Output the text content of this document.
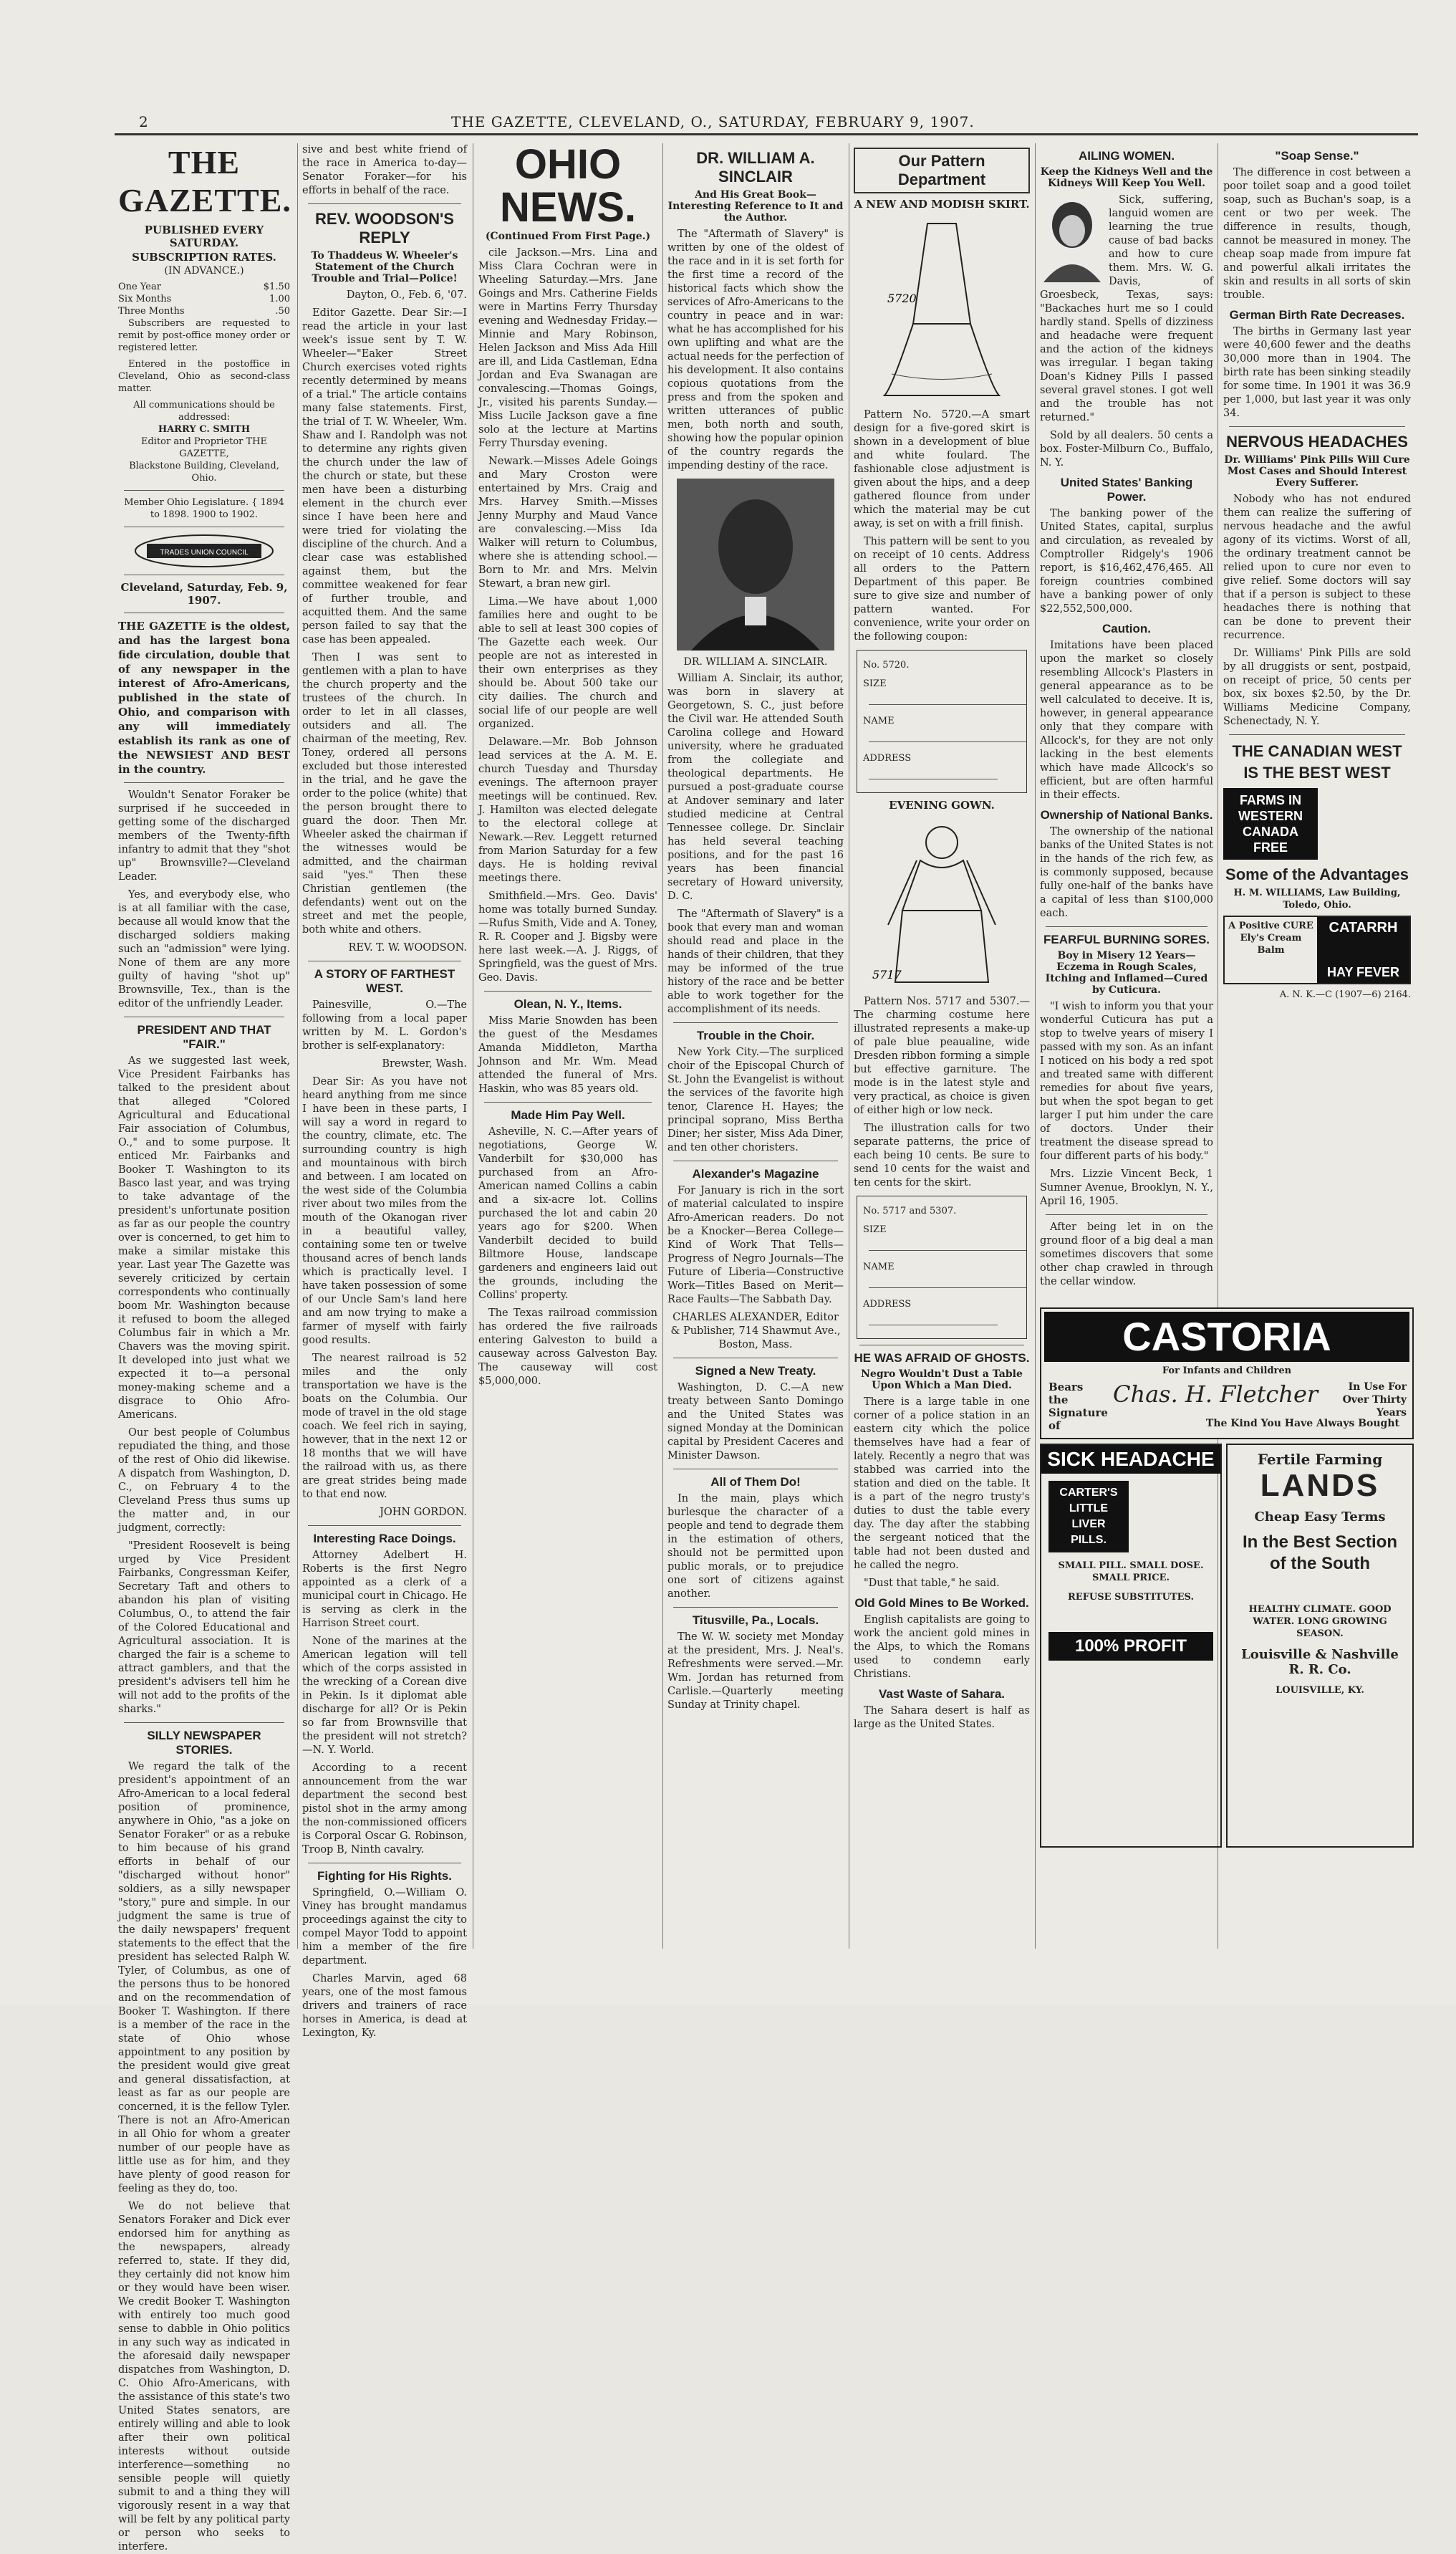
2	THE GAZETTE, CLEVELAND, O., SATURDAY, FEBRUARY 9, 1907.
THE GAZETTE.
PUBLISHED EVERY SATURDAY.
SUBSCRIPTION RATES.
(IN ADVANCE.)
One Year	$1.50
Six Months	1.00
Three Months	.50

Subscribers are requested to remit by post-office money order or registered letter.

Entered in the postoffice in Cleveland, Ohio as second-class matter.

All communications should be addressed:
HARRY C. SMITH
Editor and Proprietor THE GAZETTE,
Blackstone Building, Cleveland, Ohio.
Member Ohio Legislature. { 1894 to 1898. 1900 to 1902.
TRADES UNION COUNCIL
Cleveland, Saturday, Feb. 9, 1907.

THE GAZETTE is the oldest, and has the largest bona fide circulation, double that of any newspaper in the interest of Afro-Americans, published in the state of Ohio, and comparison with any will immediately establish its rank as one of the NEWSIEST AND BEST in the country.

Wouldn't Senator Foraker be surprised if he succeeded in getting some of the discharged members of the Twenty-fifth infantry to admit that they "shot up" Brownsville?—Cleveland Leader.

Yes, and everybody else, who is at all familiar with the case, because all would know that the discharged soldiers making such an "admission" were lying. None of them are any more guilty of having "shot up" Brownsville, Tex., than is the editor of the unfriendly Leader.

PRESIDENT AND THAT "FAIR."

As we suggested last week, Vice President Fairbanks has talked to the president about that alleged "Colored Agricultural and Educational Fair association of Columbus, O.," and to some purpose. It enticed Mr. Fairbanks and Booker T. Washington to its Basco last year, and was trying to take advantage of the president's unfortunate position as far as our people the country over is concerned, to get him to make a similar mistake this year. Last year The Gazette was severely criticized by certain correspondents who continually boom Mr. Washington because it refused to boom the alleged Columbus fair in which a Mr. Chavers was the moving spirit. It developed into just what we expected it to—a personal money-making scheme and a disgrace to Ohio Afro-Americans.

Our best people of Columbus repudiated the thing, and those of the rest of Ohio did likewise. A dispatch from Washington, D. C., on February 4 to the Cleveland Press thus sums up the matter and, in our judgment, correctly:

"President Roosevelt is being urged by Vice President Fairbanks, Congressman Keifer, Secretary Taft and others to abandon his plan of visiting Columbus, O., to attend the fair of the Colored Educational and Agricultural association. It is charged the fair is a scheme to attract gamblers, and that the president's advisers tell him he will not add to the profits of the sharks."

SILLY NEWSPAPER STORIES.

We regard the talk of the president's appointment of an Afro-American to a local federal position of prominence, anywhere in Ohio, "as a joke on Senator Foraker" or as a rebuke to him because of his grand efforts in behalf of our "discharged without honor" soldiers, as a silly newspaper "story," pure and simple. In our judgment the same is true of the daily newspapers' frequent statements to the effect that the president has selected Ralph W. Tyler, of Columbus, as one of the persons thus to be honored and on the recommendation of Booker T. Washington. If there is a member of the race in the state of Ohio whose appointment to any position by the president would give great and general dissatisfaction, at least as far as our people are concerned, it is the fellow Tyler. There is not an Afro-American in all Ohio for whom a greater number of our people have as little use as for him, and they have plenty of good reason for feeling as they do, too.

We do not believe that Senators Foraker and Dick ever endorsed him for anything as the newspapers, already referred to, state. If they did, they certainly did not know him or they would have been wiser. We credit Booker T. Washington with entirely too much good sense to dabble in Ohio politics in any such way as indicated in the aforesaid daily newspaper dispatches from Washington, D. C. Ohio Afro-Americans, with the assistance of this state's two United States senators, are entirely willing and able to look after their own political interests without outside interference—something no sensible people will quietly submit to and a thing they will vigorously resent in a way that will be felt by any political party or person who seeks to interfere.

sive and best white friend of the race in America to-day—Senator Foraker—for his efforts in behalf of the race.

REV. WOODSON'S REPLY
To Thaddeus W. Wheeler's Statement of the Church Trouble and Trial—Police!

Dayton, O., Feb. 6, '07.

Editor Gazette. Dear Sir:—I read the article in your last week's issue sent by T. W. Wheeler—"Eaker Street Church exercises voted rights recently determined by means of a trial." The article contains many false statements. First, the trial of T. W. Wheeler, Wm. Shaw and I. Randolph was not to determine any rights given the church under the law of the church or state, but these men have been a disturbing element in the church ever since I have been here and were tried for violating the discipline of the church. And a clear case was established against them, but the committee weakened for fear of further trouble, and acquitted them. And the same person failed to say that the case has been appealed.

Then I was sent to gentlemen with a plan to have the church property and the trustees of the church. In order to let in all classes, outsiders and all. The chairman of the meeting, Rev. Toney, ordered all persons excluded but those interested in the trial, and he gave the order to the police (white) that the person brought there to guard the door. Then Mr. Wheeler asked the chairman if the witnesses would be admitted, and the chairman said "yes." Then these Christian gentlemen (the defendants) went out on the street and met the people, both white and others.

REV. T. W. WOODSON.

A STORY OF FARTHEST WEST.

Painesville, O.—The following from a local paper written by M. L. Gordon's brother is self-explanatory:

Brewster, Wash.

Dear Sir: As you have not heard anything from me since I have been in these parts, I will say a word in regard to the country, climate, etc. The surrounding country is high and mountainous with birch and between. I am located on the west side of the Columbia river about two miles from the mouth of the Okanogan river in a beautiful valley, containing some ten or twelve thousand acres of bench lands which is practically level. I have taken possession of some of our Uncle Sam's land here and am now trying to make a farmer of myself with fairly good results.

The nearest railroad is 52 miles and the only transportation we have is the boats on the Columbia. Our mode of travel in the old stage coach. We feel rich in saying, however, that in the next 12 or 18 months that we will have the railroad with us, as there are great strides being made to that end now.

JOHN GORDON.

Interesting Race Doings.

Attorney Adelbert H. Roberts is the first Negro appointed as a clerk of a municipal court in Chicago. He is serving as clerk in the Harrison Street court.

None of the marines at the American legation will tell which of the corps assisted in the wrecking of a Corean dive in Pekin. Is it diplomat able discharge for all? Or is Pekin so far from Brownsville that the president will not stretch?—N. Y. World.

According to a recent announcement from the war department the second best pistol shot in the army among the non-commissioned officers is Corporal Oscar G. Robinson, Troop B, Ninth cavalry.

Fighting for His Rights.

Springfield, O.—William O. Viney has brought mandamus proceedings against the city to compel Mayor Todd to appoint him a member of the fire department.

Charles Marvin, aged 68 years, one of the most famous drivers and trainers of race horses in America, is dead at Lexington, Ky.

OHIO NEWS.
(Continued From First Page.)

cile Jackson.—Mrs. Lina and Miss Clara Cochran were in Wheeling Saturday.—Mrs. Jane Goings and Mrs. Catherine Fields were in Martins Ferry Thursday evening and Wednesday Friday.—Minnie and Mary Robinson, Helen Jackson and Miss Ada Hill are ill, and Lida Castleman, Edna Jordan and Eva Swanagan are convalescing.—Thomas Goings, Jr., visited his parents Sunday.—Miss Lucile Jackson gave a fine solo at the lecture at Martins Ferry Thursday evening.

Newark.—Misses Adele Goings and Mary Croston were entertained by Mrs. Craig and Mrs. Harvey Smith.—Misses Jenny Murphy and Maud Vance are convalescing.—Miss Ida Walker will return to Columbus, where she is attending school.—Born to Mr. and Mrs. Melvin Stewart, a bran new girl.

Lima.—We have about 1,000 families here and ought to be able to sell at least 300 copies of The Gazette each week. Our people are not as interested in their own enterprises as they should be. About 500 take our city dailies. The church and social life of our people are well organized.

Delaware.—Mr. Bob Johnson lead services at the A. M. E. church Tuesday and Thursday evenings. The afternoon prayer meetings will be continued. Rev. J. Hamilton was elected delegate to the electoral college at Newark.—Rev. Leggett returned from Marion Saturday for a few days. He is holding revival meetings there.

Smithfield.—Mrs. Geo. Davis' home was totally burned Sunday.—Rufus Smith, Vide and A. Toney, R. R. Cooper and J. Bigsby were here last week.—A. J. Riggs, of Springfield, was the guest of Mrs. Geo. Davis.

Olean, N. Y., Items.

Miss Marie Snowden has been the guest of the Mesdames Amanda Middleton, Martha Johnson and Mr. Wm. Mead attended the funeral of Mrs. Haskin, who was 85 years old.

Made Him Pay Well.

Asheville, N. C.—After years of negotiations, George W. Vanderbilt for $30,000 has purchased from an Afro-American named Collins a cabin and a six-acre lot. Collins purchased the lot and cabin 20 years ago for $200. When Vanderbilt decided to build Biltmore House, landscape gardeners and engineers laid out the grounds, including the Collins' property.

The Texas railroad commission has ordered the five railroads entering Galveston to build a causeway across Galveston Bay. The causeway will cost $5,000,000.

DR. WILLIAM A. SINCLAIR
And His Great Book—Interesting Reference to It and the Author.

The "Aftermath of Slavery" is written by one of the oldest of the race and in it is set forth for the first time a record of the historical facts which show the services of Afro-Americans to the country in peace and in war: what he has accomplished for his own uplifting and what are the actual needs for the perfection of his development. It also contains copious quotations from the press and from the spoken and written utterances of public men, both north and south, showing how the popular opinion of the country regards the impending destiny of the race.

DR. WILLIAM A. SINCLAIR.

William A. Sinclair, its author, was born in slavery at Georgetown, S. C., just before the Civil war. He attended South Carolina college and Howard university, where he graduated from the collegiate and theological departments. He pursued a post-graduate course at Andover seminary and later studied medicine at Central Tennessee college. Dr. Sinclair has held several teaching positions, and for the past 16 years has been financial secretary of Howard university, D. C.

The "Aftermath of Slavery" is a book that every man and woman should read and place in the hands of their children, that they may be informed of the true history of the race and be better able to work together for the accomplishment of its needs.

Trouble in the Choir.

New York City.—The surpliced choir of the Episcopal Church of St. John the Evangelist is without the services of the favorite high tenor, Clarence H. Hayes; the principal soprano, Miss Bertha Diner; her sister, Miss Ada Diner, and ten other choristers.

Alexander's Magazine

For January is rich in the sort of material calculated to inspire Afro-American readers. Do not be a Knocker—Berea College—Kind of Work That Tells—Progress of Negro Journals—The Future of Liberia—Constructive Work—Titles Based on Merit—Race Faults—The Sabbath Day.

CHARLES ALEXANDER, Editor & Publisher, 714 Shawmut Ave., Boston, Mass.

Signed a New Treaty.

Washington, D. C.—A new treaty between Santo Domingo and the United States was signed Monday at the Dominican capital by President Caceres and Minister Dawson.

All of Them Do!

In the main, plays which burlesque the character of a people and tend to degrade them in the estimation of others, should not be permitted upon public morals, or to prejudice one sort of citizens against another.

Titusville, Pa., Locals.

The W. W. society met Monday at the president, Mrs. J. Neal's. Refreshments were served.—Mr. Wm. Jordan has returned from Carlisle.—Quarterly meeting Sunday at Trinity chapel.

Our Pattern Department
A NEW AND MODISH SKIRT.
5720

Pattern No. 5720.—A smart design for a five-gored skirt is shown in a development of blue and white foulard. The fashionable close adjustment is given about the hips, and a deep gathered flounce from under which the material may be cut away, is set on with a frill finish.

This pattern will be sent to you on receipt of 10 cents. Address all orders to the Pattern Department of this paper. Be sure to give size and number of pattern wanted. For convenience, write your order on the following coupon:

No. 5720.
SIZE
NAME
ADDRESS
EVENING GOWN.
5717

Pattern Nos. 5717 and 5307.—The charming costume here illustrated represents a make-up of pale blue peaualine, wide Dresden ribbon forming a simple but effective garniture. The mode is in the latest style and very practical, as choice is given of either high or low neck.

The illustration calls for two separate patterns, the price of each being 10 cents. Be sure to send 10 cents for the waist and ten cents for the skirt.

No. 5717 and 5307.
SIZE
NAME
ADDRESS
HE WAS AFRAID OF GHOSTS.
Negro Wouldn't Dust a Table Upon Which a Man Died.

There is a large table in one corner of a police station in an eastern city which the police themselves have had a fear of lately. Recently a negro that was stabbed was carried into the station and died on the table. It is a part of the negro trusty's duties to dust the table every day. The day after the stabbing the sergeant noticed that the table had not been dusted and he called the negro.

"Dust that table," he said.

Old Gold Mines to Be Worked.

English capitalists are going to work the ancient gold mines in the Alps, to which the Romans used to condemn early Christians.

Vast Waste of Sahara.

The Sahara desert is half as large as the United States.

AILING WOMEN.
Keep the Kidneys Well and the Kidneys Will Keep You Well.

Sick, suffering, languid women are learning the true cause of bad backs and how to cure them. Mrs. W. G. Davis, of Groesbeck, Texas, says: "Backaches hurt me so I could hardly stand. Spells of dizziness and headache were frequent and the action of the kidneys was irregular. I began taking Doan's Kidney Pills I passed several gravel stones. I got well and the trouble has not returned."

Sold by all dealers. 50 cents a box. Foster-Milburn Co., Buffalo, N. Y.

United States' Banking Power.

The banking power of the United States, capital, surplus and circulation, as revealed by Comptroller Ridgely's 1906 report, is $16,462,476,465. All foreign countries combined have a banking power of only $22,552,500,000.

Caution.

Imitations have been placed upon the market so closely resembling Allcock's Plasters in general appearance as to be well calculated to deceive. It is, however, in general appearance only that they compare with Allcock's, for they are not only lacking in the best elements which have made Allcock's so efficient, but are often harmful in their effects.

Ownership of National Banks.

The ownership of the national banks of the United States is not in the hands of the rich few, as is commonly supposed, because fully one-half of the banks have a capital of less than $100,000 each.

FEARFUL BURNING SORES.
Boy in Misery 12 Years—Eczema in Rough Scales, Itching and Inflamed—Cured by Cuticura.

"I wish to inform you that your wonderful Cuticura has put a stop to twelve years of misery I passed with my son. As an infant I noticed on his body a red spot and treated same with different remedies for about five years, but when the spot began to get larger I put him under the care of doctors. Under their treatment the disease spread to four different parts of his body."

Mrs. Lizzie Vincent Beck, 1 Sumner Avenue, Brooklyn, N. Y., April 16, 1905.

After being let in on the ground floor of a big deal a man sometimes discovers that some other chap crawled in through the cellar window.

"Soap Sense."

The difference in cost between a poor toilet soap and a good toilet soap, such as Buchan's soap, is a cent or two per week. The difference in results, though, cannot be measured in money. The cheap soap made from impure fat and powerful alkali irritates the skin and results in all sorts of skin trouble.

German Birth Rate Decreases.

The births in Germany last year were 40,600 fewer and the deaths 30,000 more than in 1904. The birth rate has been sinking steadily for some time. In 1901 it was 36.9 per 1,000, but last year it was only 34.

NERVOUS HEADACHES
Dr. Williams' Pink Pills Will Cure Most Cases and Should Interest Every Sufferer.

Nobody who has not endured them can realize the suffering of nervous headache and the awful agony of its victims. Worst of all, the ordinary treatment cannot be relied upon to cure nor even to give relief. Some doctors will say that if a person is subject to these headaches there is nothing that can be done to prevent their recurrence.

Dr. Williams' Pink Pills are sold by all druggists or sent, postpaid, on receipt of price, 50 cents per box, six boxes $2.50, by the Dr. Williams Medicine Company, Schenectady, N. Y.

THE CANADIAN WEST IS THE BEST WEST
FARMS IN WESTERN CANADA FREE
Some of the Advantages
H. M. WILLIAMS, Law Building, Toledo, Ohio.
A Positive CURE
Ely's Cream Balm
CATARRH
HAY FEVER
A. N. K.—C (1907—6) 2164.
CASTORIA
For Infants and Children
Bears the Signature of
Chas. H. Fletcher	In Use For Over Thirty Years
The Kind You Have Always Bought
SICK HEADACHE
CARTER'S LITTLE LIVER PILLS.
SMALL PILL. SMALL DOSE. SMALL PRICE.
REFUSE SUBSTITUTES.
100% PROFIT
Fertile Farming
LANDS
Cheap Easy Terms
In the Best Section of the South
HEALTHY CLIMATE. GOOD WATER. LONG GROWING SEASON.
Louisville & Nashville R. R. Co.
LOUISVILLE, KY.
